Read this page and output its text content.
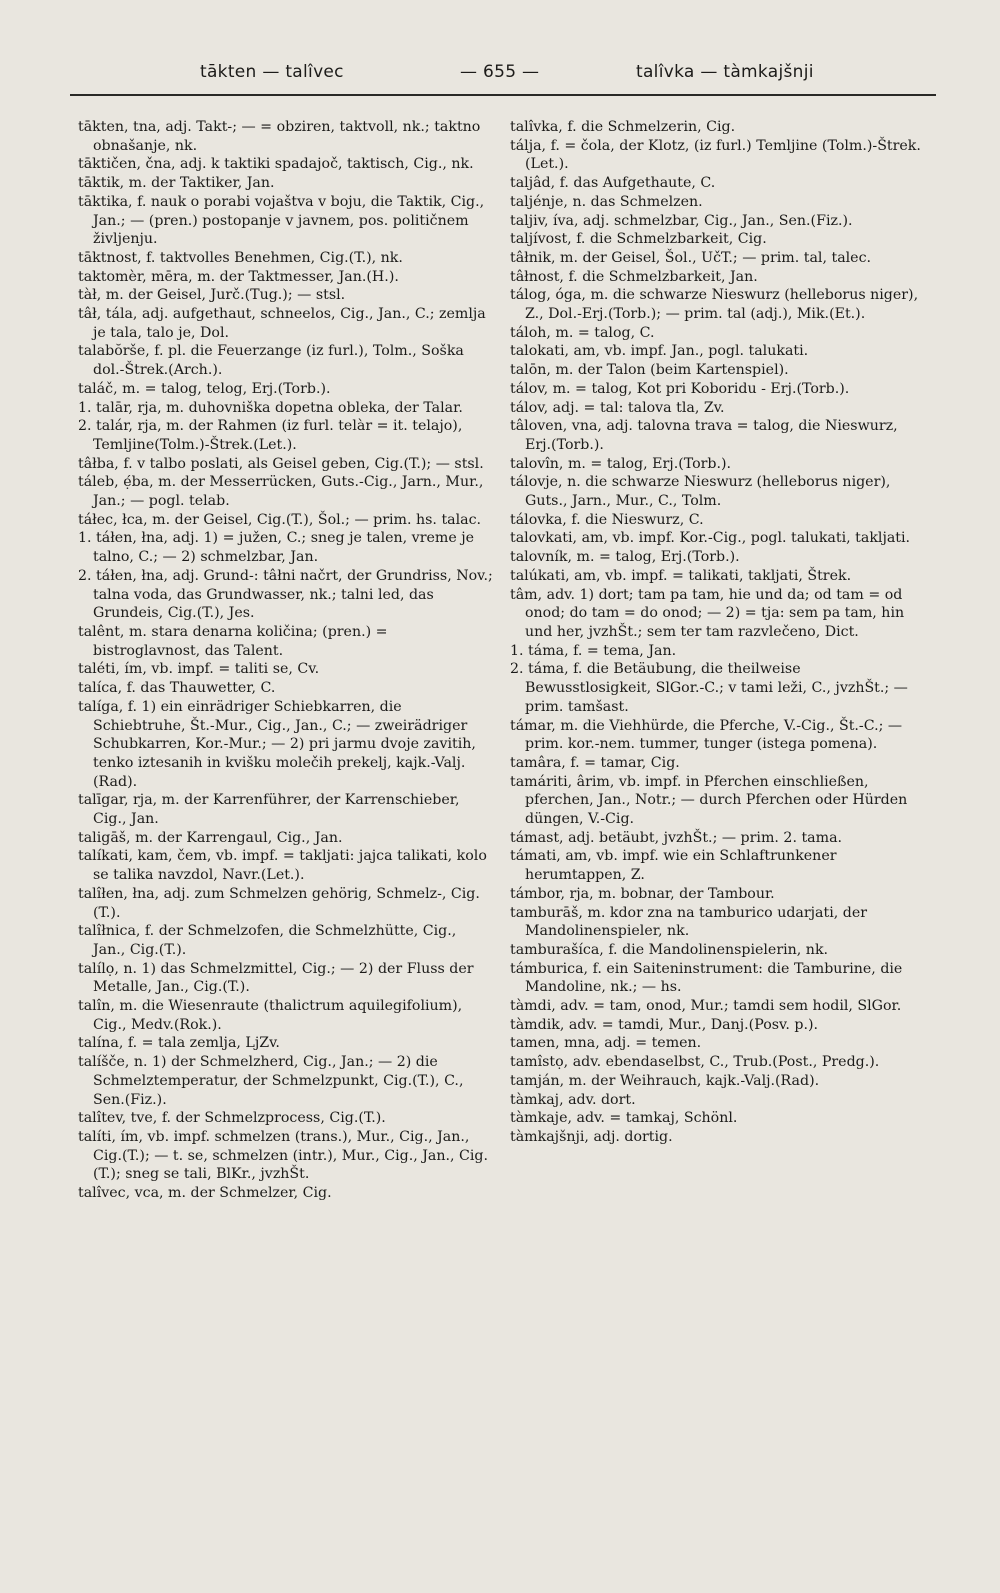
tākten — talîvec	— 655 —	talîvka — tàmkajšnji

tākten, tna, adj. Takt-; — = obziren, taktvoll, nk.; taktno obnašanje, nk.

tāktičen, čna, adj. k taktiki spadajoč, taktisch, Cig., nk.

tāktik, m. der Taktiker, Jan.

tāktika, f. nauk o porabi vojaštva v boju, die Taktik, Cig., Jan.; — (pren.) postopanje v javnem, pos. političnem življenju.

tāktnost, f. taktvolles Benehmen, Cig.(T.), nk.

taktomèr, mēra, m. der Taktmesser, Jan.(H.).

tàł, m. der Geisel, Jurč.(Tug.); — stsl.

tâł, tála, adj. aufgethaut, schneelos, Cig., Jan., C.; zemlja je tala, talo je, Dol.

talabŏrše, f. pl. die Feuerzange (iz furl.), Tolm., Soška dol.-Štrek.(Arch.).

taláč, m. = talog, telog, Erj.(Torb.).

1. talār, rja, m. duhovniška dopetna obleka, der Talar.

2. talár, rja, m. der Rahmen (iz furl. telàr = it. telajo), Temljine(Tolm.)-Štrek.(Let.).

tâłba, f. v talbo poslati, als Geisel geben, Cig.(T.); — stsl.

táleb, ẹ́ba, m. der Messerrücken, Guts.-Cig., Jarn., Mur., Jan.; — pogl. telab.

táłec, łca, m. der Geisel, Cig.(T.), Šol.; — prim. hs. talac.

1. táłen, łna, adj. 1) = južen, C.; sneg je talen, vreme je talno, C.; — 2) schmelzbar, Jan.

2. táłen, łna, adj. Grund-: tâłni načrt, der Grundriss, Nov.; talna voda, das Grundwasser, nk.; talni led, das Grundeis, Cig.(T.), Jes.

talênt, m. stara denarna količina; (pren.) = bistroglavnost, das Talent.

taléti, ím, vb. impf. = taliti se, Cv.

talíca, f. das Thauwetter, C.

talíga, f. 1) ein einrädriger Schiebkarren, die Schiebtruhe, Št.-Mur., Cig., Jan., C.; — zweirädriger Schubkarren, Kor.-Mur.; — 2) pri jarmu dvoje zavitih, tenko iztesanih in kvišku molečih prekelj, kajk.-Valj.(Rad).

talīgar, rja, m. der Karrenführer, der Karrenschieber, Cig., Jan.

taligāš, m. der Karrengaul, Cig., Jan.

talíkati, kam, čem, vb. impf. = takljati: jajca talikati, kolo se talika navzdol, Navr.(Let.).

talîłen, łna, adj. zum Schmelzen gehörig, Schmelz-, Cig.(T.).

talîłnica, f. der Schmelzofen, die Schmelzhütte, Cig., Jan., Cig.(T.).

talílọ, n. 1) das Schmelzmittel, Cig.; — 2) der Fluss der Metalle, Jan., Cig.(T.).

talîn, m. die Wiesenraute (thalictrum aquilegifolium), Cig., Medv.(Rok.).

talína, f. = tala zemlja, LjZv.

talíšče, n. 1) der Schmelzherd, Cig., Jan.; — 2) die Schmelztemperatur, der Schmelzpunkt, Cig.(T.), C., Sen.(Fiz.).

talîtev, tve, f. der Schmelzprocess, Cig.(T.).

talíti, ím, vb. impf. schmelzen (trans.), Mur., Cig., Jan., Cig.(T.); — t. se, schmelzen (intr.), Mur., Cig., Jan., Cig.(T.); sneg se tali, BlKr., jvzhŠt.

talîvec, vca, m. der Schmelzer, Cig.

talîvka, f. die Schmelzerin, Cig.

tálja, f. = čola, der Klotz, (iz furl.) Temljine (Tolm.)-Štrek.(Let.).

taljâd, f. das Aufgethaute, C.

taljénje, n. das Schmelzen.

taljiv, íva, adj. schmelzbar, Cig., Jan., Sen.(Fiz.).

taljívost, f. die Schmelzbarkeit, Cig.

tâłnik, m. der Geisel, Šol., UčT.; — prim. tal, talec.

tâłnost, f. die Schmelzbarkeit, Jan.

tálog, óga, m. die schwarze Nieswurz (helleborus niger), Z., Dol.-Erj.(Torb.); — prim. tal (adj.), Mik.(Et.).

táloh, m. = talog, C.

talokati, am, vb. impf. Jan., pogl. talukati.

talōn, m. der Talon (beim Kartenspiel).

tálov, m. = talog, Kot pri Koboridu - Erj.(Torb.).

tálov, adj. = tal: talova tla, Zv.

tâloven, vna, adj. talovna trava = talog, die Nieswurz, Erj.(Torb.).

talovîn, m. = talog, Erj.(Torb.).

tálovje, n. die schwarze Nieswurz (helleborus niger), Guts., Jarn., Mur., C., Tolm.

tálovka, f. die Nieswurz, C.

talovkati, am, vb. impf. Kor.-Cig., pogl. talukati, takljati.

talovník, m. = talog, Erj.(Torb.).

talúkati, am, vb. impf. = talikati, takljati, Štrek.

tâm, adv. 1) dort; tam pa tam, hie und da; od tam = od onod; do tam = do onod; — 2) = tja: sem pa tam, hin und her, jvzhŠt.; sem ter tam razvlečeno, Dict.

1. táma, f. = tema, Jan.

2. táma, f. die Betäubung, die theilweise Bewusstlosigkeit, SlGor.-C.; v tami leži, C., jvzhŠt.; — prim. tamšast.

támar, m. die Viehhürde, die Pferche, V.-Cig., Št.-C.; — prim. kor.-nem. tummer, tunger (istega pomena).

tamâra, f. = tamar, Cig.

tamáriti, ârim, vb. impf. in Pferchen einschließen, pferchen, Jan., Notr.; — durch Pferchen oder Hürden düngen, V.-Cig.

támast, adj. betäubt, jvzhŠt.; — prim. 2. tama.

támati, am, vb. impf. wie ein Schlaftrunkener herumtappen, Z.

támbor, rja, m. bobnar, der Tambour.

tamburāš, m. kdor zna na tamburico udarjati, der Mandolinenspieler, nk.

tamburašíca, f. die Mandolinenspielerin, nk.

támburica, f. ein Saiteninstrument: die Tamburine, die Mandoline, nk.; — hs.

tàmdi, adv. = tam, onod, Mur.; tamdi sem hodil, SlGor.

tàmdik, adv. = tamdi, Mur., Danj.(Posv. p.).

tamen, mna, adj. = temen.

tamîstọ, adv. ebendaselbst, C., Trub.(Post., Predg.).

tamján, m. der Weihrauch, kajk.-Valj.(Rad).

tàmkaj, adv. dort.

tàmkaje, adv. = tamkaj, Schönl.

tàmkajšnji, adj. dortig.
